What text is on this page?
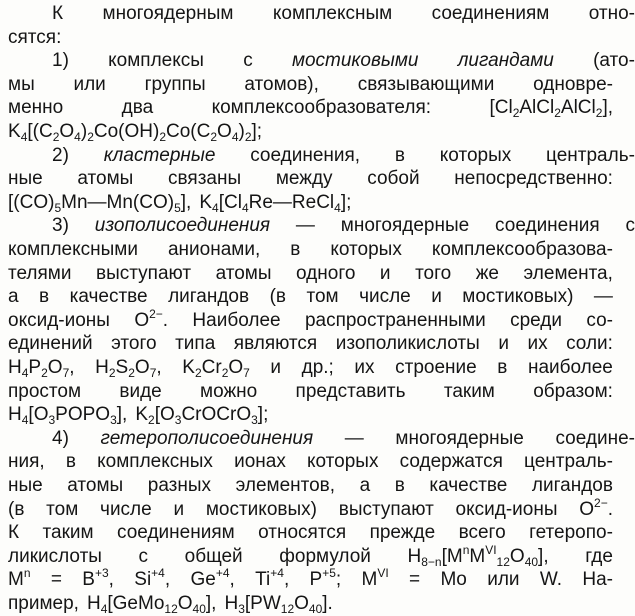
К многоядерным комплексным соединениям отно-
сятся:
1) комплексы с мостиковыми лигандами (ато-
мы или группы атомов), связывающими одновре-
менно	два	комплексообразователя:	$[Cl_2AlCl_2AlCl_2]$,
$K_4[(C_2O_4)_2Co(OH)_2Co(C_2O_4)_2]$;
2) кластерные соединения, в которых централь-
ные атомы связаны между собой непосредственно:
$[(CO)_5Mn—Mn(CO)_5]$, $K_4[Cl_4Re—ReCl_4]$;
3) изополисоединения — многоядерные соединения с
комплексными анионами, в которых комплексообразова-
телями выступают атомы одного и того же элемента,
а в качестве лигандов (в том числе и мостиковых) —
оксид-ионы $O^{2-}$. Наиболее распространенными среди со-
единений этого типа являются изополикислоты и их соли:
$H_4P_2O_7$, $H_2S_2O_7$, $K_2Cr_2O_7$ и др.; их строение в наиболее
простом виде можно представить таким образом:
$H_4[O_3POPO_3]$, $K_2[O_3CrOCrO_3]$;
4) гетерополисоединения — многоядерные соедине-
ния, в комплексных ионах которых содержатся централь-
ные атомы разных элементов, а в качестве лигандов
(в том числе и мостиковых) выступают оксид-ионы $O^{2-}$.
К таким соединениям относятся прежде всего гетеропо-
ликислоты с общей формулой $H_{8-n}[M^nM^{VI}_{12}O_{40}]$, где
$M^n = B^{+3}$, $Si^{+4}$, $Ge^{+4}$, $Ti^{+4}$, $P^{+5}$; $M^{VI} = Mo$ или W. На-
пример, $H_4[GeMo_{12}O_{40}]$, $H_3[PW_{12}O_{40}]$.
